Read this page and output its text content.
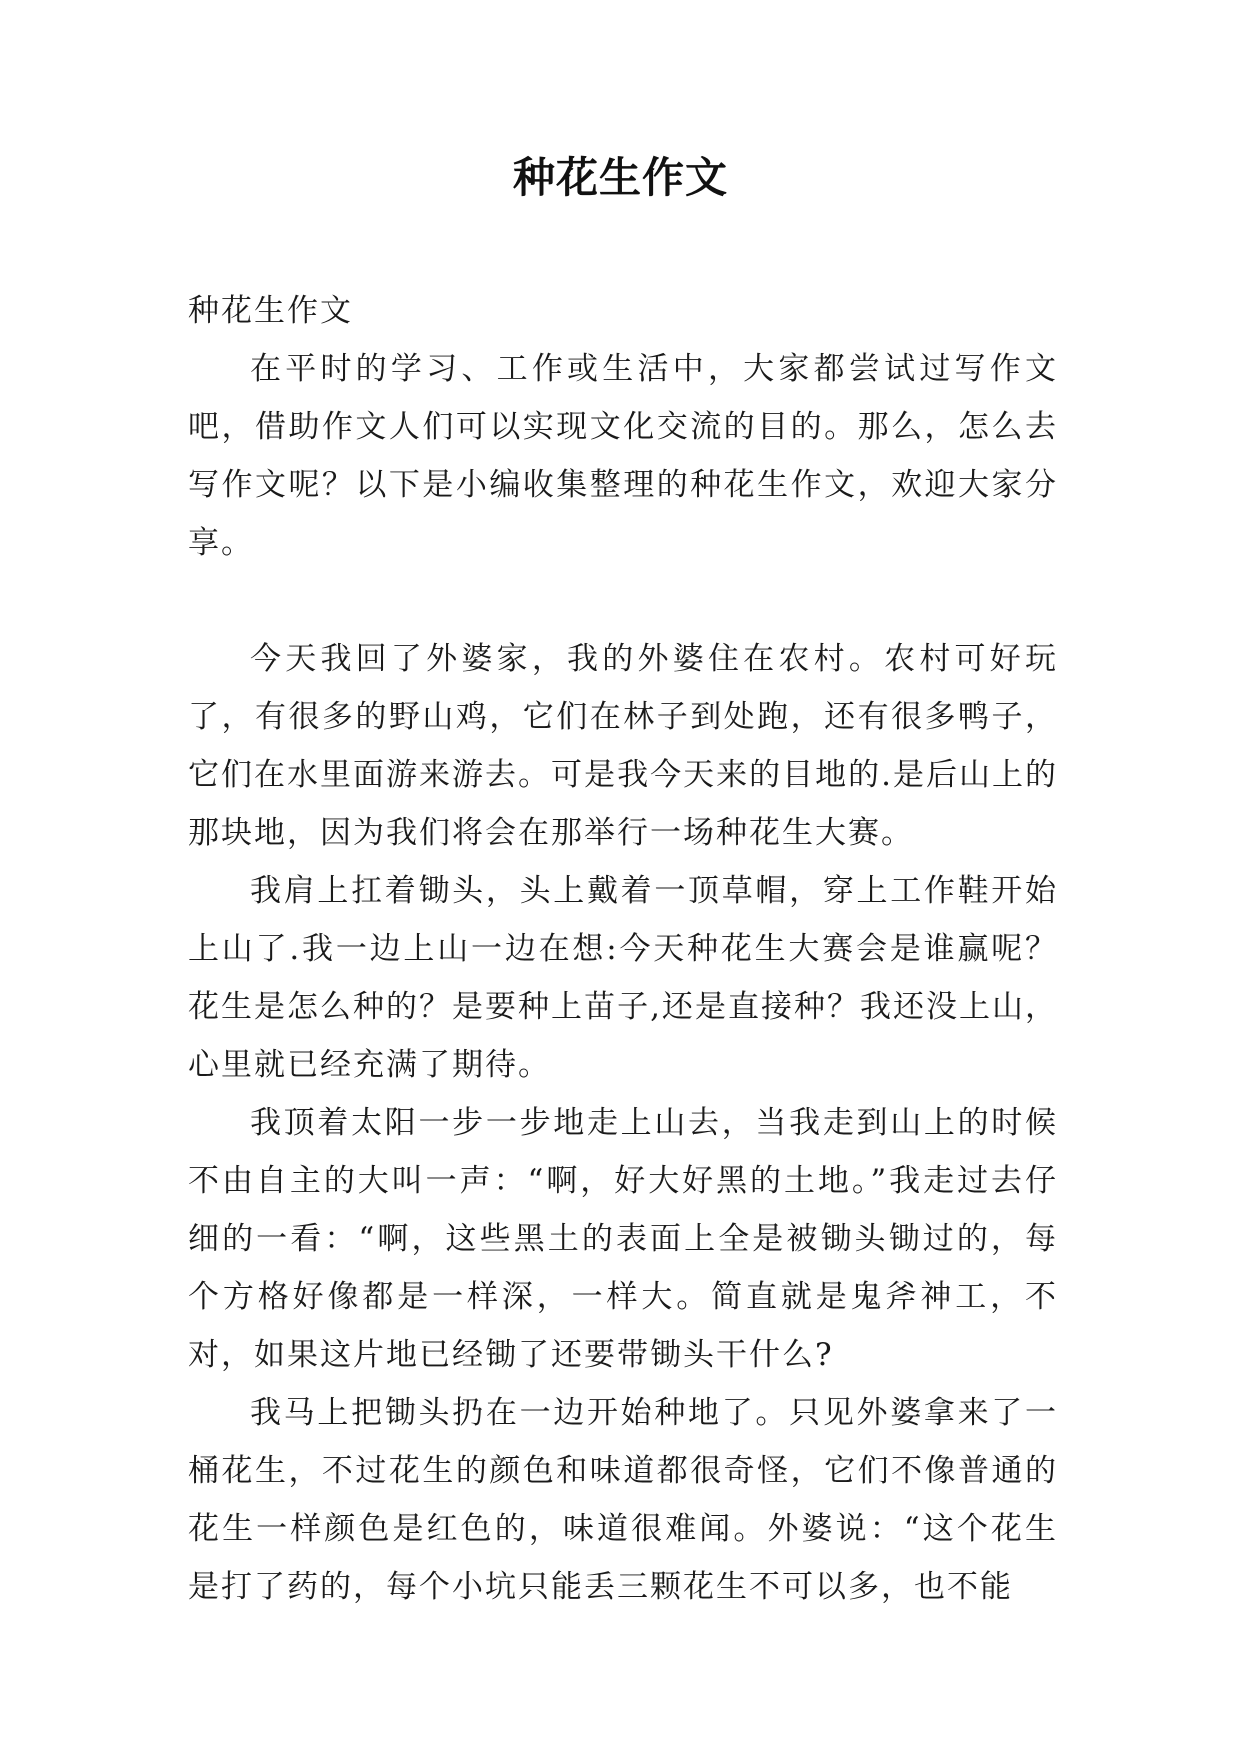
种花生作文

种花生作文

在平时的学习、工作或生活中，大家都尝试过写作文吧，借助作文人们可以实现文化交流的目的。那么，怎么去写作文呢？以下是小编收集整理的种花生作文，欢迎大家分享。

今天我回了外婆家，我的外婆住在农村。农村可好玩了，有很多的野山鸡，它们在林子到处跑，还有很多鸭子，它们在水里面游来游去。可是我今天来的目地的.是后山上的那块地，因为我们将会在那举行一场种花生大赛。

我肩上扛着锄头，头上戴着一顶草帽，穿上工作鞋开始上山了.我一边上山一边在想:今天种花生大赛会是谁赢呢？花生是怎么种的？是要种上苗子,还是直接种？我还没上山，心里就已经充满了期待。

我顶着太阳一步一步地走上山去，当我走到山上的时候不由自主的大叫一声：“啊，好大好黑的土地。”我走过去仔细的一看：“啊，这些黑土的表面上全是被锄头锄过的，每个方格好像都是一样深，一样大。简直就是鬼斧神工，不对，如果这片地已经锄了还要带锄头干什么?

我马上把锄头扔在一边开始种地了。只见外婆拿来了一桶花生，不过花生的颜色和味道都很奇怪，它们不像普通的花生一样颜色是红色的，味道很难闻。外婆说：“这个花生是打了药的，每个小坑只能丢三颗花生不可以多，也不能
